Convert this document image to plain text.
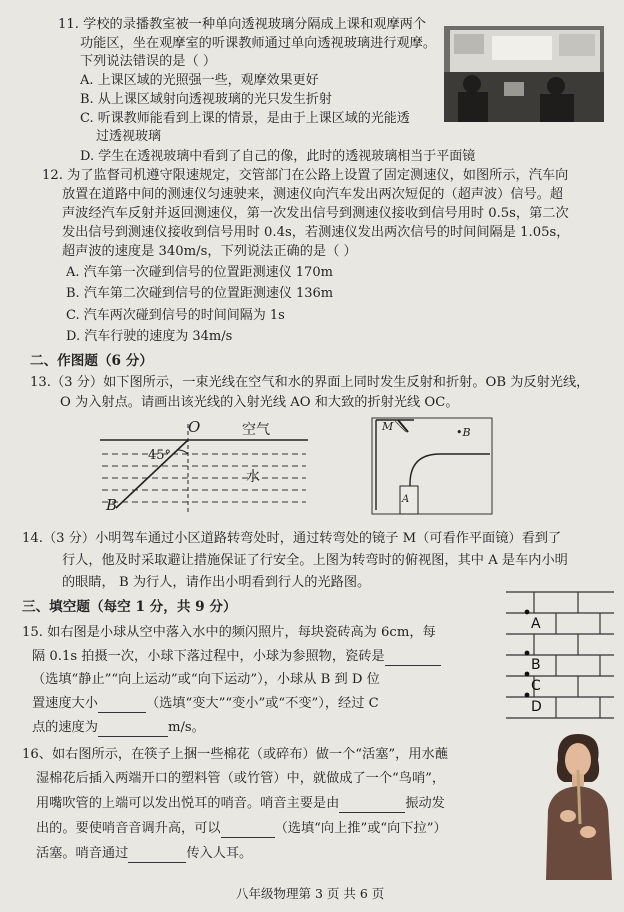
11. 学校的录播教室被一种单向透视玻璃分隔成上课和观摩两个
功能区，坐在观摩室的听课教师通过单向透视玻璃进行观摩。
下列说法错误的是（ ）
A. 上课区域的光照强一些，观摩效果更好
B. 从上课区域射向透视玻璃的光只发生折射
C. 听课教师能看到上课的情景，是由于上课区域的光能透
过透视玻璃
D. 学生在透视玻璃中看到了自己的像，此时的透视玻璃相当于平面镜
12. 为了监督司机遵守限速规定，交管部门在公路上设置了固定测速仪，如图所示，汽车向
放置在道路中间的测速仪匀速驶来，测速仪向汽车发出两次短促的（超声波）信号。超
声波经汽车反射并返回测速仪，第一次发出信号到测速仪接收到信号用时 0.5s，第二次
发出信号到测速仪接收到信号用时 0.4s，若测速仪发出两次信号的时间间隔是 1.05s，
超声波的速度是 340m/s，下列说法正确的是（ ）
A. 汽车第一次碰到信号的位置距测速仪 170m
B. 汽车第二次碰到信号的位置距测速仪 136m
C. 汽车两次碰到信号的时间间隔为 1s
D. 汽车行驶的速度为 34m/s
二、作图题（6 分）
13.（3 分）如下图所示，一束光线在空气和水的界面上同时发生反射和折射。OB 为反射光线，
O 为入射点。请画出该光线的入射光线 AO 和大致的折射光线 OC。
O	空气
45°
水
B
M	•B
A
14.（3 分）小明驾车通过小区道路转弯处时，通过转弯处的镜子 M（可看作平面镜）看到了
行人，他及时采取避让措施保证了行安全。上图为转弯时的俯视图，其中 A 是车内小明
的眼睛， B 为行人，请作出小明看到行人的光路图。
三、填空题（每空 1 分，共 9 分）
15. 如右图是小球从空中落入水中的频闪照片，每块瓷砖高为 6cm，每
隔 0.1s 拍摄一次，小球下落过程中，小球为参照物，瓷砖是
（选填“静止”“向上运动”或“向下运动”），小球从 B 到 D 位
置速度大小	（选填“变大”“变小”或“不变”），经过 C
点的速度为	m/s。
A
B
C
D
16、如右图所示，在筷子上捆一些棉花（或碎布）做一个“活塞”，用水蘸
湿棉花后插入两端开口的塑料管（或竹管）中，就做成了一个“鸟哨”，
用嘴吹管的上端可以发出悦耳的哨音。哨音主要是由	振动发
出的。要使哨音音调升高，可以	（选填“向上推”或“向下拉”）
活塞。哨音通过	传入人耳。
八年级物理第 3 页 共 6 页
